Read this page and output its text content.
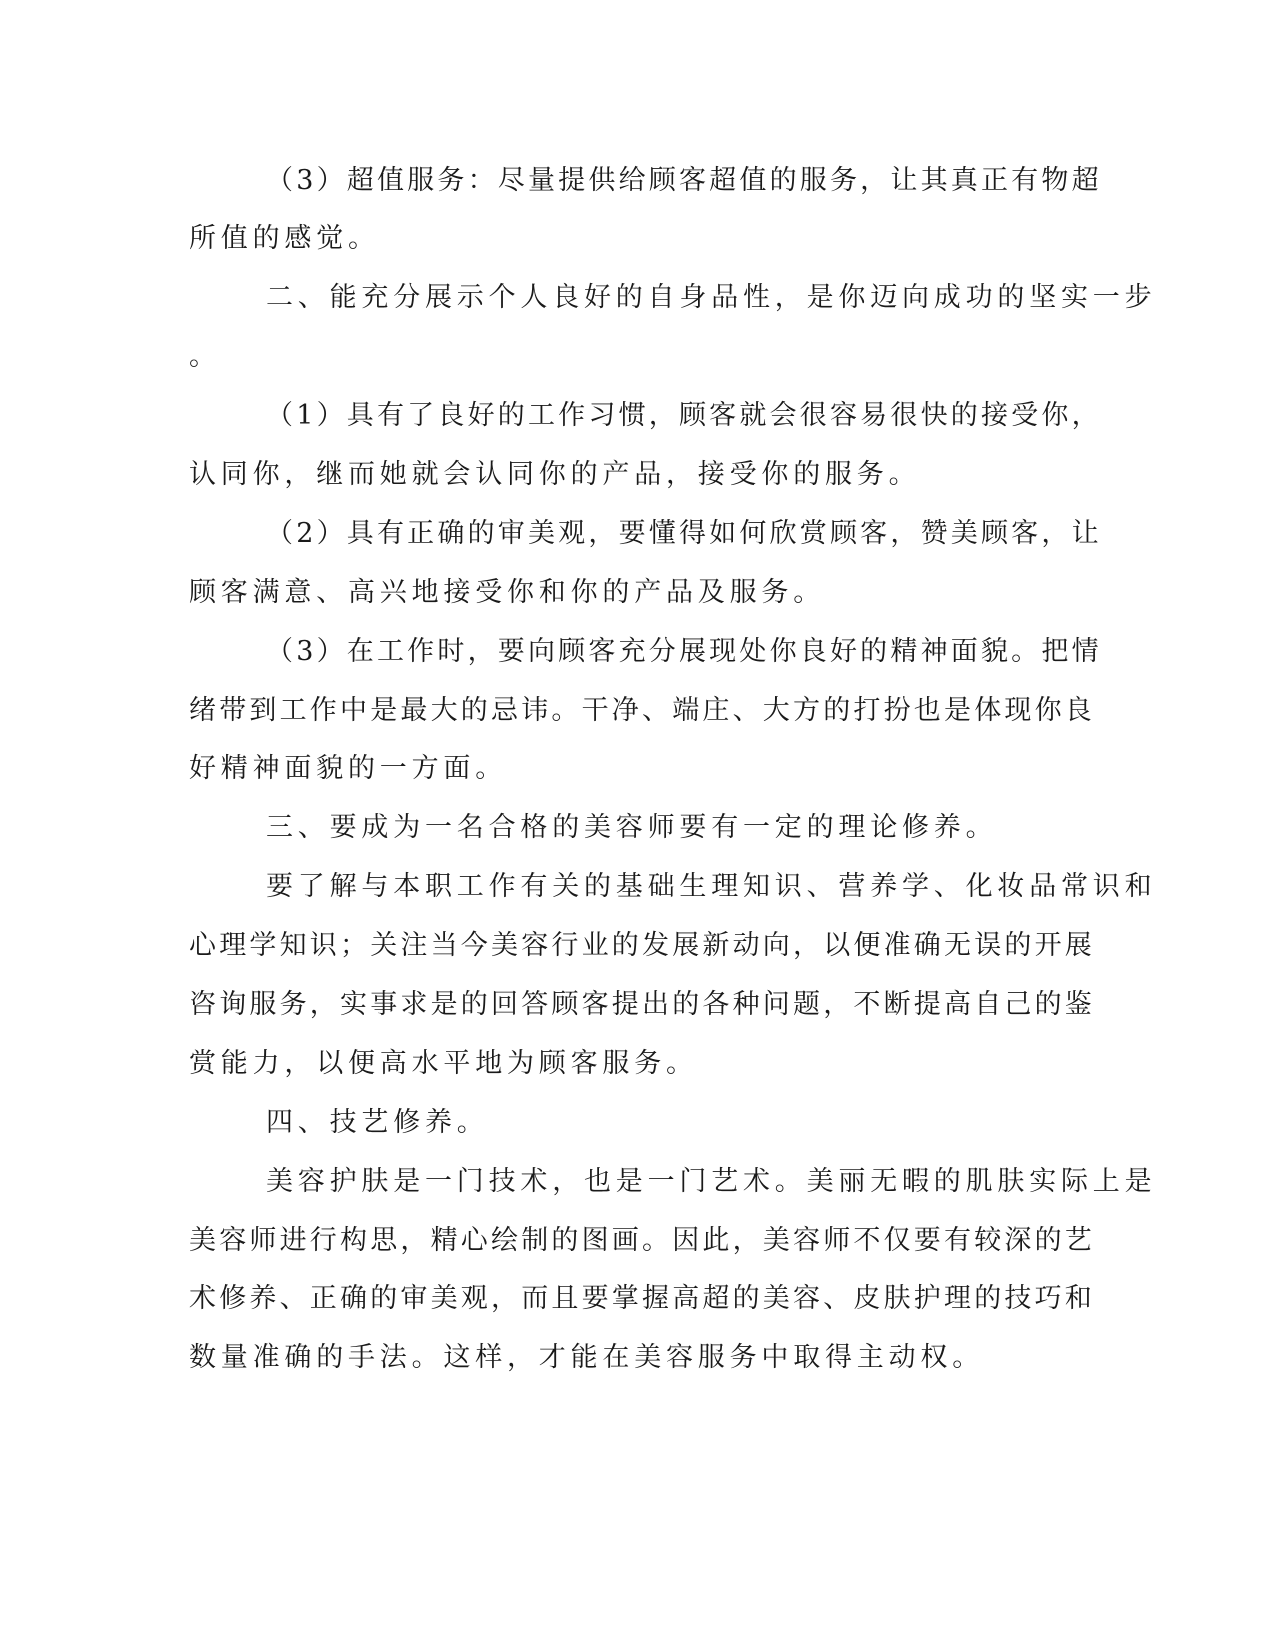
（3）超值服务：尽量提供给顾客超值的服务，让其真正有物超
所值的感觉。
二、能充分展示个人良好的自身品性，是你迈向成功的坚实一步
。
（1）具有了良好的工作习惯，顾客就会很容易很快的接受你，
认同你，继而她就会认同你的产品，接受你的服务。
（2）具有正确的审美观，要懂得如何欣赏顾客，赞美顾客，让
顾客满意、高兴地接受你和你的产品及服务。
（3）在工作时，要向顾客充分展现处你良好的精神面貌。把情
绪带到工作中是最大的忌讳。干净、端庄、大方的打扮也是体现你良
好精神面貌的一方面。
三、要成为一名合格的美容师要有一定的理论修养。
要了解与本职工作有关的基础生理知识、营养学、化妆品常识和
心理学知识；关注当今美容行业的发展新动向，以便准确无误的开展
咨询服务，实事求是的回答顾客提出的各种问题，不断提高自己的鉴
赏能力，以便高水平地为顾客服务。
四、技艺修养。
美容护肤是一门技术，也是一门艺术。美丽无暇的肌肤实际上是
美容师进行构思，精心绘制的图画。因此，美容师不仅要有较深的艺
术修养、正确的审美观，而且要掌握高超的美容、皮肤护理的技巧和
数量准确的手法。这样，才能在美容服务中取得主动权。
